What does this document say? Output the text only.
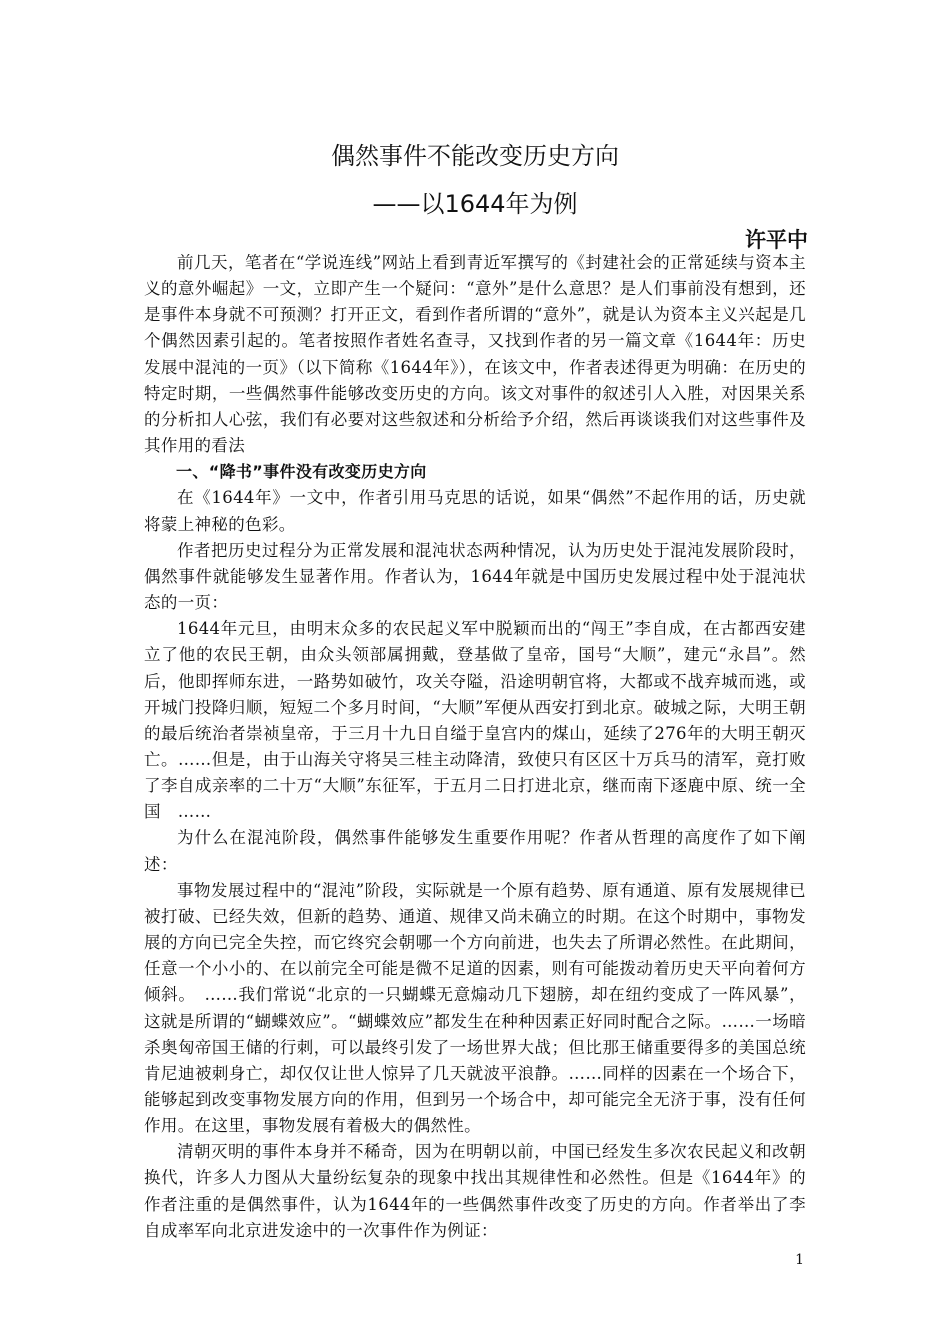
偶然事件不能改变历史方向
——以1644年为例
许平中

前几天，笔者在“学说连线”网站上看到青近军撰写的《封建社会的正常延续与资本主义的意外崛起》一文，立即产生一个疑问：“意外”是什么意思？是人们事前没有想到，还是事件本身就不可预测？打开正文，看到作者所谓的“意外”，就是认为资本主义兴起是几个偶然因素引起的。笔者按照作者姓名查寻，又找到作者的另一篇文章《1644年：历史发展中混沌的一页》（以下简称《1644年》），在该文中，作者表述得更为明确：在历史的特定时期，一些偶然事件能够改变历史的方向。该文对事件的叙述引人入胜，对因果关系的分析扣人心弦，我们有必要对这些叙述和分析给予介绍，然后再谈谈我们对这些事件及其作用的看法

一、“降书”事件没有改变历史方向

在《1644年》一文中，作者引用马克思的话说，如果“偶然”不起作用的话，历史就将蒙上神秘的色彩。

作者把历史过程分为正常发展和混沌状态两种情况，认为历史处于混沌发展阶段时，偶然事件就能够发生显著作用。作者认为，1644年就是中国历史发展过程中处于混沌状态的一页：

1644年元旦，由明末众多的农民起义军中脱颖而出的“闯王”李自成，在古都西安建立了他的农民王朝，由众头领部属拥戴，登基做了皇帝，国号“大顺”，建元“永昌”。然后，他即挥师东进，一路势如破竹，攻关夺隘，沿途明朝官将，大都或不战弃城而逃，或开城门投降归顺，短短二个多月时间，“大顺”军便从西安打到北京。破城之际，大明王朝的最后统治者崇祯皇帝，于三月十九日自缢于皇宫内的煤山，延续了276年的大明王朝灭亡。……但是，由于山海关守将吴三桂主动降清，致使只有区区十万兵马的清军，竟打败了李自成亲率的二十万“大顺”东征军，于五月二日打进北京，继而南下逐鹿中原、统一全国　……

为什么在混沌阶段，偶然事件能够发生重要作用呢？作者从哲理的高度作了如下阐述：

事物发展过程中的“混沌”阶段，实际就是一个原有趋势、原有通道、原有发展规律已被打破、已经失效，但新的趋势、通道、规律又尚未确立的时期。在这个时期中，事物发展的方向已完全失控，而它终究会朝哪一个方向前进，也失去了所谓必然性。在此期间，任意一个小小的、在以前完全可能是微不足道的因素，则有可能拨动着历史天平向着何方倾斜。　……我们常说“北京的一只蝴蝶无意煽动几下翅膀，却在纽约变成了一阵风暴”，这就是所谓的“蝴蝶效应”。“蝴蝶效应”都发生在种种因素正好同时配合之际。……一场暗杀奥匈帝国王储的行刺，可以最终引发了一场世界大战；但比那王储重要得多的美国总统肯尼迪被刺身亡，却仅仅让世人惊异了几天就波平浪静。……同样的因素在一个场合下，能够起到改变事物发展方向的作用，但到另一个场合中，却可能完全无济于事，没有任何作用。在这里，事物发展有着极大的偶然性。

清朝灭明的事件本身并不稀奇，因为在明朝以前，中国已经发生多次农民起义和改朝换代，许多人力图从大量纷纭复杂的现象中找出其规律性和必然性。但是《1644年》的作者注重的是偶然事件，认为1644年的一些偶然事件改变了历史的方向。作者举出了李自成率军向北京进发途中的一次事件作为例证：

1
